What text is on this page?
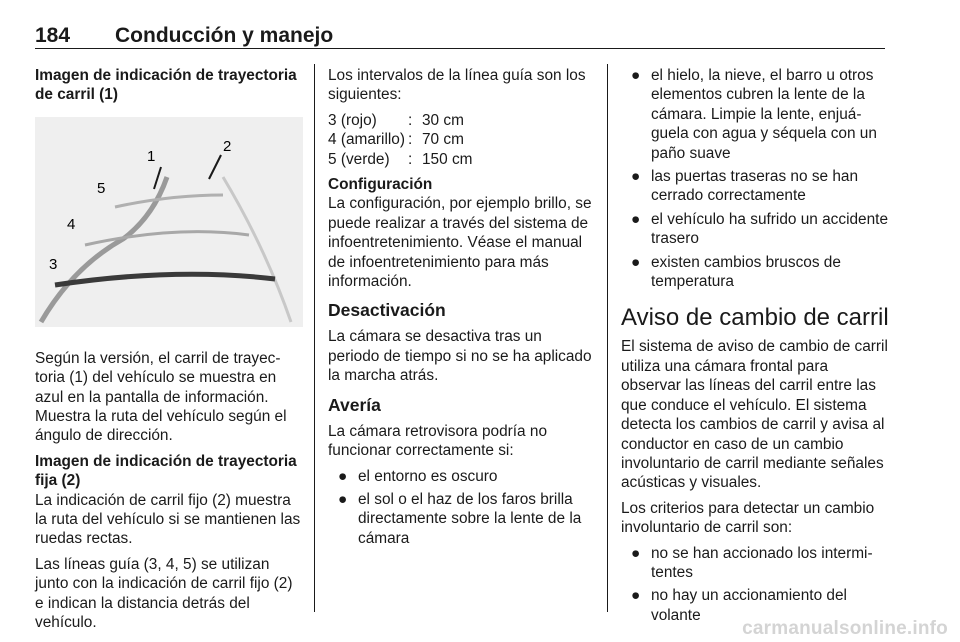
184 Conducción y manejo
Imagen de indicación de trayectoria de carril (1)
1
2
3
4
5

Según la versión, el carril de trayectoria (1) del vehículo se muestra en azul en la pantalla de información. Muestra la ruta del vehículo según el ángulo de dirección.

Imagen de indicación de trayectoria fija (2)

La indicación de carril fijo (2) muestra la ruta del vehículo si se mantienen las ruedas rectas.

Las líneas guía (3, 4, 5) se utilizan junto con la indicación de carril fijo (2) e indican la distancia detrás del vehículo.

Los intervalos de la línea guía son los siguientes:

3 (rojo)	:	30 cm
4 (amarillo)	:	70 cm
5 (verde)	:	150 cm
Configuración

La configuración, por ejemplo brillo, se puede realizar a través del sistema de infoentretenimiento. Véase el manual de infoentretenimiento para más información.

Desactivación

La cámara se desactiva tras un periodo de tiempo si no se ha aplicado la marcha atrás.

Avería

La cámara retrovisora podría no funcionar correctamente si:

● el entorno es oscuro
● el sol o el haz de los faros brilla directamente sobre la lente de la cámara
● el hielo, la nieve, el barro u otros elementos cubren la lente de la cámara. Limpie la lente, enjuáguela con agua y séquela con un paño suave
● las puertas traseras no se han cerrado correctamente
● el vehículo ha sufrido un accidente trasero
● existen cambios bruscos de temperatura
Aviso de cambio de carril

El sistema de aviso de cambio de carril utiliza una cámara frontal para observar las líneas del carril entre las que conduce el vehículo. El sistema detecta los cambios de carril y avisa al conductor en caso de un cambio involuntario de carril mediante señales acústicas y visuales.

Los criterios para detectar un cambio involuntario de carril son:

● no se han accionado los intermitentes
● no hay un accionamiento del volante
carmanualsonline.info
